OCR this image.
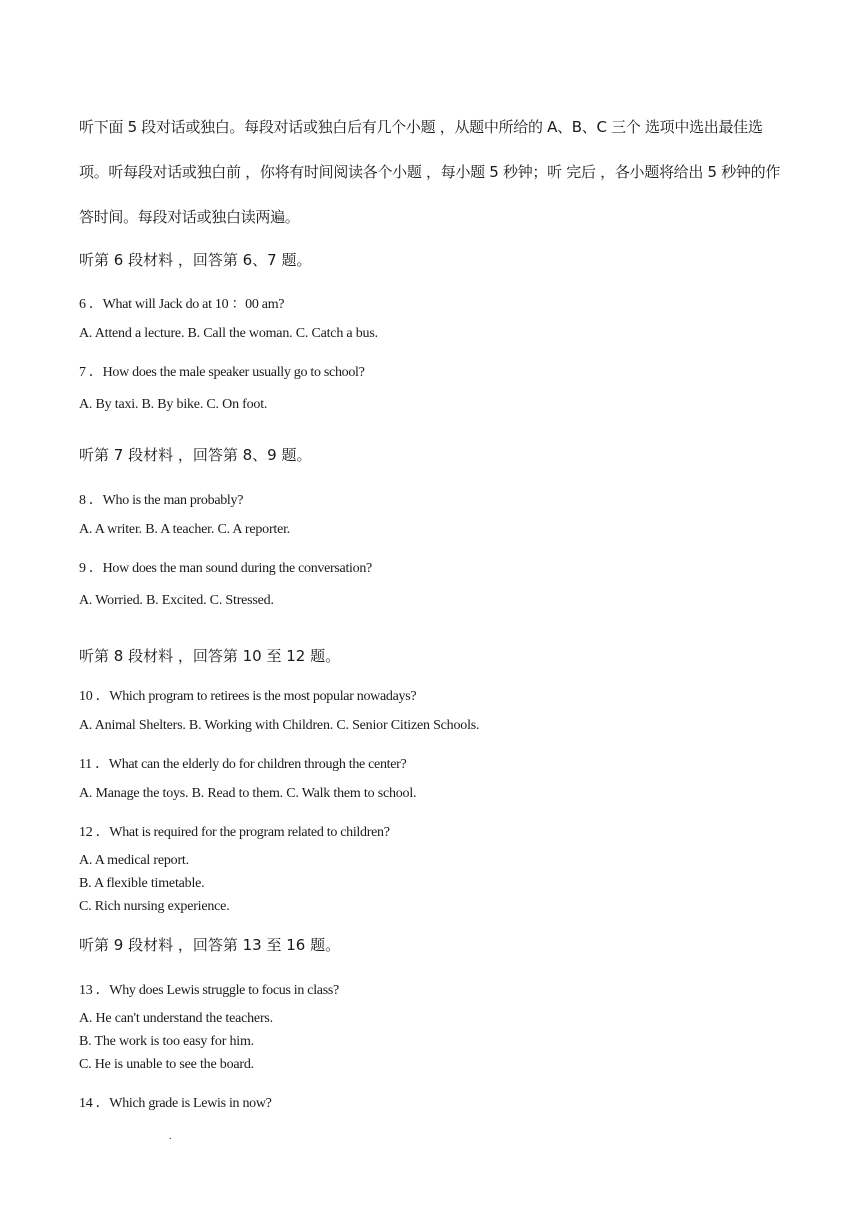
听下面 5 段对话或独白。每段对话或独白后有几个小题 ，从题中所给的 A、B、C 三个 选项中选出最佳选
项。听每段对话或独白前 ，你将有时间阅读各个小题 ，每小题 5 秒钟；听 完后 ，各小题将给出 5 秒钟的作
答时间。每段对话或独白读两遍。
听第 6 段材料 ，回答第 6、7 题。
6 ．What will Jack do at 10 ：00 am?
A. Attend a lecture. B. Call the woman. C. Catch a bus.
7 ．How does the male speaker usually go to school?
A. By taxi. B. By bike. C. On foot.
听第 7 段材料 ，回答第 8、9 题。
8 ．Who is the man probably?
A. A writer. B. A teacher. C. A reporter.
9 ．How does the man sound during the conversation?
A. Worried. B. Excited. C. Stressed.
听第 8 段材料 ，回答第 10 至 12 题。
10 ．Which program to retirees is the most popular nowadays?
A. Animal Shelters. B. Working with Children. C. Senior Citizen Schools.
11 ．What can the elderly do for children through the center?
A. Manage the toys. B. Read to them. C. Walk them to school.
12 ．What is required for the program related to children?
A. A medical report.
B. A flexible timetable.
C. Rich nursing experience.
听第 9 段材料 ，回答第 13 至 16 题。
13 ．Why does Lewis struggle to focus in class?
A. He can't understand the teachers.
B. The work is too easy for him.
C. He is unable to see the board.
14 ．Which grade is Lewis in now?
.
